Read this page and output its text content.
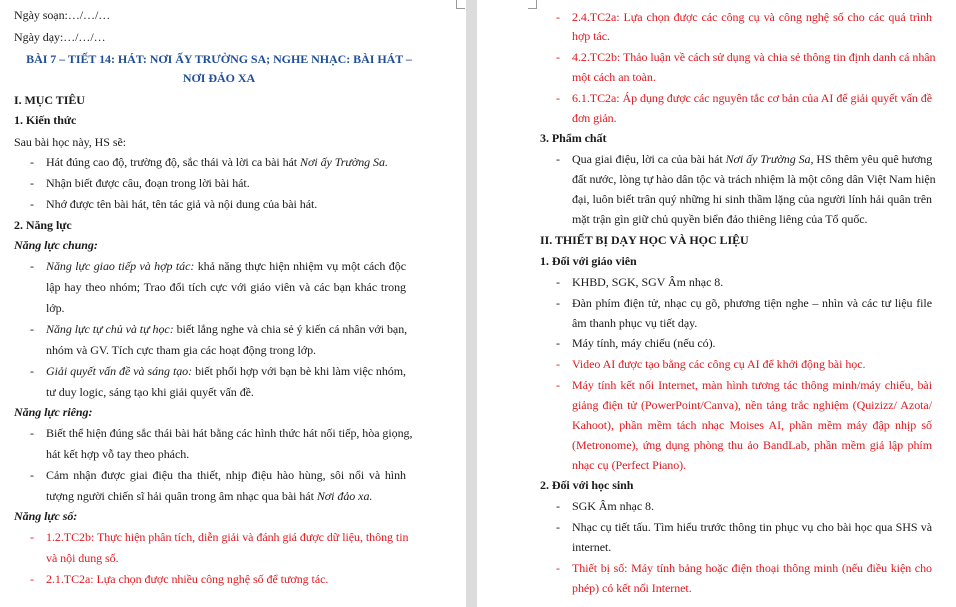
Ngày soạn:…/…/…
Ngày dạy:…/…/…
BÀI 7 – TIẾT 14: HÁT: NƠI ẤY TRƯỜNG SA; NGHE NHẠC: BÀI HÁT –
NƠI ĐẢO XA
I. MỤC TIÊU
1. Kiến thức
Sau bài học này, HS sẽ:
- Hát đúng cao độ, trường độ, sắc thái và lời ca bài hát Nơi ấy Trường Sa.
- Nhận biết được câu, đoạn trong lời bài hát.
- Nhớ được tên bài hát, tên tác giả và nội dung của bài hát.
2. Năng lực
Năng lực chung:
- Năng lực giao tiếp và hợp tác: khả năng thực hiện nhiệm vụ một cách độc
lập hay theo nhóm; Trao đổi tích cực với giáo viên và các bạn khác trong
lớp.
- Năng lực tự chủ và tự học: biết lắng nghe và chia sẻ ý kiến cá nhân với bạn,
nhóm và GV. Tích cực tham gia các hoạt động trong lớp.
- Giải quyết vấn đề và sáng tạo: biết phối hợp với bạn bè khi làm việc nhóm,
tư duy logic, sáng tạo khi giải quyết vấn đề.
Năng lực riêng:
- Biết thể hiện đúng sắc thái bài hát bằng các hình thức hát nối tiếp, hòa giọng,
hát kết hợp vỗ tay theo phách.
- Cảm nhận được giai điệu tha thiết, nhịp điệu hào hùng, sôi nổi và hình
tượng người chiến sĩ hải quân trong âm nhạc qua bài hát Nơi đảo xa.
Năng lực số:
- 1.2.TC2b: Thực hiện phân tích, diễn giải và đánh giá được dữ liệu, thông tin
và nội dung số.
- 2.1.TC2a: Lựa chọn được nhiều công nghệ số để tương tác.
- 2.4.TC2a: Lựa chọn được các công cụ và công nghệ số cho các quá trình
hợp tác.
- 4.2.TC2b: Thảo luận về cách sử dụng và chia sẻ thông tin định danh cá nhân
một cách an toàn.
- 6.1.TC2a: Áp dụng được các nguyên tắc cơ bản của AI để giải quyết vấn đề
đơn giản.
3. Phẩm chất
- Qua giai điệu, lời ca của bài hát Nơi ấy Trường Sa, HS thêm yêu quê hương
đất nước, lòng tự hào dân tộc và trách nhiệm là một công dân Việt Nam hiện
đại, luôn biết trân quý những hi sinh thầm lặng của người lính hải quân trên
mặt trận gìn giữ chủ quyền biển đảo thiêng liêng của Tổ quốc.
II. THIẾT BỊ DẠY HỌC VÀ HỌC LIỆU
1. Đối với giáo viên
- KHBD, SGK, SGV Âm nhạc 8.
- Đàn phím điện tử, nhạc cụ gõ, phương tiện nghe – nhìn và các tư liệu file
âm thanh phục vụ tiết dạy.
- Máy tính, máy chiếu (nếu có).
- Video AI được tạo bằng các công cụ AI để khởi động bài học.
- Máy tính kết nối Internet, màn hình tương tác thông minh/máy chiếu, bài
giảng điện tử (PowerPoint/Canva), nền tảng trắc nghiệm (Quizizz/ Azota/
Kahoot), phần mềm tách nhạc Moises AI, phần mềm máy đập nhịp số
(Metronome), ứng dụng phòng thu ảo BandLab, phần mềm giả lập phím
nhạc cụ (Perfect Piano).
2. Đối với học sinh
- SGK Âm nhạc 8.
- Nhạc cụ tiết tấu. Tìm hiểu trước thông tin phục vụ cho bài học qua SHS và
internet.
- Thiết bị số: Máy tính bảng hoặc điện thoại thông minh (nếu điều kiện cho
phép) có kết nối Internet.
